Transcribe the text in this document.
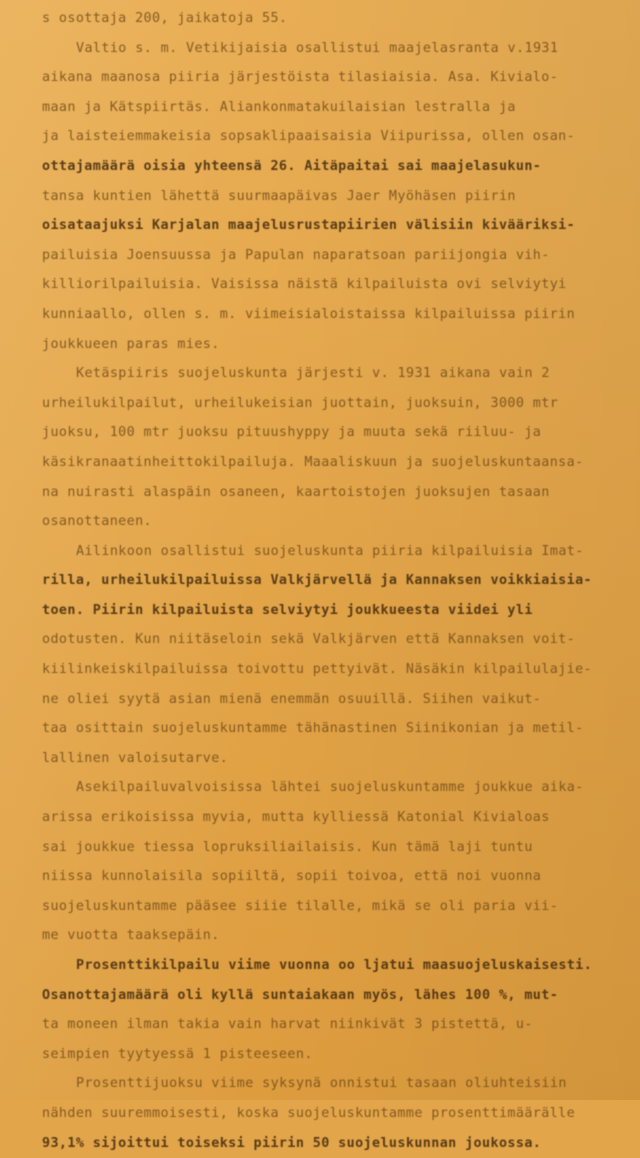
s osottaja 200, jaikatoja 55.
Valtio s. m. Vetikijaisia osallistui maajelasranta v.1931
aikana maanosa piiria järjestöista tilasiaisia. Asa. Kivialo-
maan ja Kätspiirtäs. Aliankonmatakuilaisian lestralla ja
ja laisteiemmakeisia sopsaklipaaisaisia Viipurissa, ollen osan-
ottajamäärä oisia yhteensä 26. Aitäpaitai sai maajelasukun-
tansa kuntien lähettä suurmaapäivas Jaer Myöhäsen piirin
oisataajuksi Karjalan maajelusrustapiirien välisiin kivääriksi-
pailuisia Joensuussa ja Papulan naparatsoan pariijongia vih-
killiorilpailuisia. Vaisissa näistä kilpailuista ovi selviytyi
kunniaallo, ollen s. m. viimeisialoistaissa kilpailuissa piirin
joukkueen paras mies.
Ketäspiiris suojeluskunta järjesti v. 1931 aikana vain 2
urheilukilpailut, urheilukeisian juottain, juoksuin, 3000 mtr
juoksu, 100 mtr juoksu pituushyppy ja muuta sekä riiluu- ja
käsikranaatinheittokilpailuja. Maaaliskuun ja suojeluskuntaansa-
na nuirasti alaspäin osaneen, kaartoistojen juoksujen tasaan
osanottaneen.
Ailinkoon osallistui suojeluskunta piiria kilpailuisia Imat-
rilla, urheilukilpailuissa Valkjärvellä ja Kannaksen voikkiaisia-
toen. Piirin kilpailuista selviytyi joukkueesta viidei yli
odotusten. Kun niitäseloin sekä Valkjärven että Kannaksen voit-
kiilinkeiskilpailuissa toivottu pettyivät. Näsäkin kilpailulajie-
ne oliei syytä asian mienä enemmän osuuillä. Siihen vaikut-
taa osittain suojeluskuntamme tähänastinen Siinikonian ja metil-
lallinen valoisutarve.
Asekilpailuvalvoisissa lähtei suojeluskuntamme joukkue aika-
arissa erikoisissa myvia, mutta kylliessä Katonial Kivialoas
sai joukkue tiessa lopruksiliailaisis. Kun tämä laji tuntu
niissa kunnolaisila sopiiltä, sopii toivoa, että noi vuonna
suojeluskuntamme pääsee siiie tilalle, mikä se oli paria vii-
me vuotta taaksepäin.
Prosenttikilpailu viime vuonna oo ljatui maasuojeluskaisesti.
Osanottajamäärä oli kyllä suntaiakaan myös, lähes 100 %, mut-
ta moneen ilman takia vain harvat niinkivät 3 pistettä, u-
seimpien tyytyessä 1 pisteeseen.
Prosenttijuoksu viime syksynä onnistui tasaan oliuhteisiin
nähden suuremmoisesti, koska suojeluskuntamme prosenttimäärälle
93,1% sijoittui toiseksi piirin 50 suojeluskunnan joukossa.
